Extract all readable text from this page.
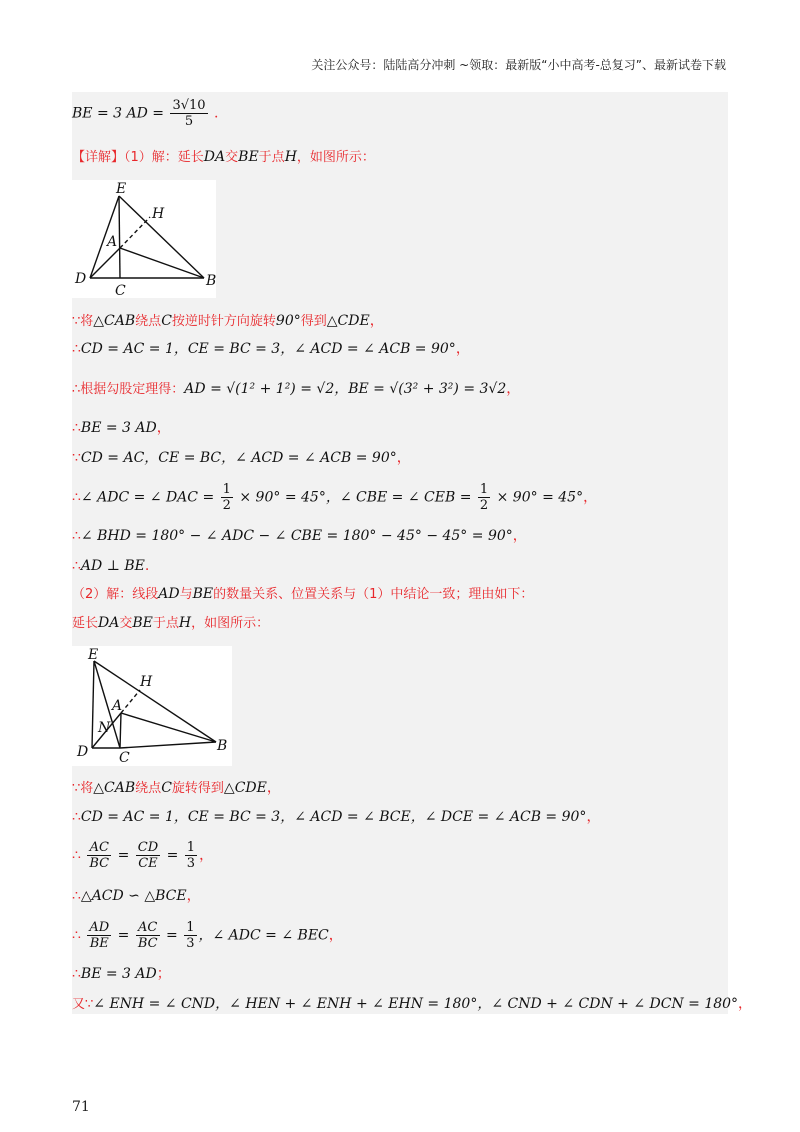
关注公众号：陆陆高分冲刺 ~领取：最新版“小中高考-总复习”、最新试卷下载
BE = 3 AD = $\frac{3√10}{5}$ .
【详解】（1）解：延长DA交BE于点H，如图所示：
E
H
A
D
C
B
∵将△CAB绕点C按逆时针方向旋转90°得到△CDE，
∴CD = AC = 1，CE = BC = 3，∠ ACD = ∠ ACB = 90°，
∴根据勾股定理得：AD = √(1² + 1²) = √2，BE = √(3² + 3²) = 3√2，
∴BE = 3 AD，
∵CD = AC，CE = BC，∠ ACD = ∠ ACB = 90°，
∴∠ ADC = ∠ DAC = $\frac{1}{2} \times 90^\circ = 45^\circ$，∠ CBE = ∠ CEB = $\frac{1}{2} \times 90^\circ = 45^\circ$，
∴∠ BHD = 180° − ∠ ADC − ∠ CBE = 180° − 45° − 45° = 90°，
∴AD ⊥ BE.
（2）解：线段AD与BE的数量关系、位置关系与（1）中结论一致；理由如下：
延长DA交BE于点H，如图所示：
E
H
A
N
D C
B
∵将△CAB绕点C旋转得到△CDE，
∴CD = AC = 1，CE = BC = 3，∠ ACD = ∠ BCE，∠ DCE = ∠ ACB = 90°，
∴ $\frac{AC}{BC} = \frac{CD}{CE} = \frac{1}{3}$ ，
∴△ACD ∽ △BCE，
∴ $\frac{AD}{BE} = \frac{AC}{BC} = \frac{1}{3}$ ，∠ ADC = ∠ BEC，
∴BE = 3 AD；
又∵∠ ENH = ∠ CND，∠ HEN + ∠ ENH + ∠ EHN = 180°，∠ CND + ∠ CDN + ∠ DCN = 180°，
71
